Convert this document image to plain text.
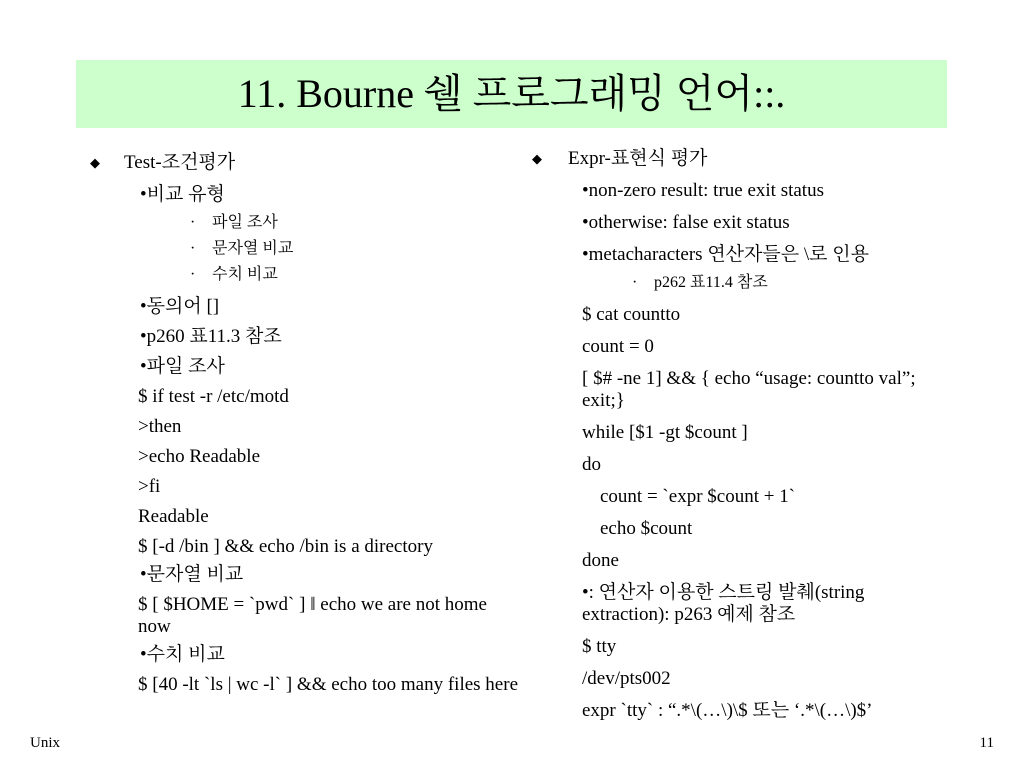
11. Bourne 쉘 프로그래밍 언어::.
◆ Test-조건평가
•비교 유형
· 파일 조사
· 문자열 비교
· 수치 비교
•동의어 []
•p260 표11.3 참조
•파일 조사
$ if test -r /etc/motd
>then
>echo Readable
>fi
Readable
$ [-d /bin ] && echo /bin is a directory
•문자열 비교
$ [ $HOME = `pwd` ] ‖ echo we are not home now
•수치 비교
$ [40 -lt `ls | wc -l` ] && echo too many files here
◆ Expr-표현식 평가
•non-zero result: true exit status
•otherwise: false exit status
•metacharacters 연산자들은 \로 인용
· p262 표11.4 참조
$ cat countto
count = 0
[ $# -ne 1] && { echo “usage: countto val”; exit;}
while [$1 -gt $count ]
do
count = `expr $count + 1`
echo $count
done
•: 연산자 이용한 스트링 발췌(string extraction): p263 예제 참조
$ tty
/dev/pts002
expr `tty` : “.*\(…\)\$ 또는 ‘.*\(…\)$’
Unix	11
